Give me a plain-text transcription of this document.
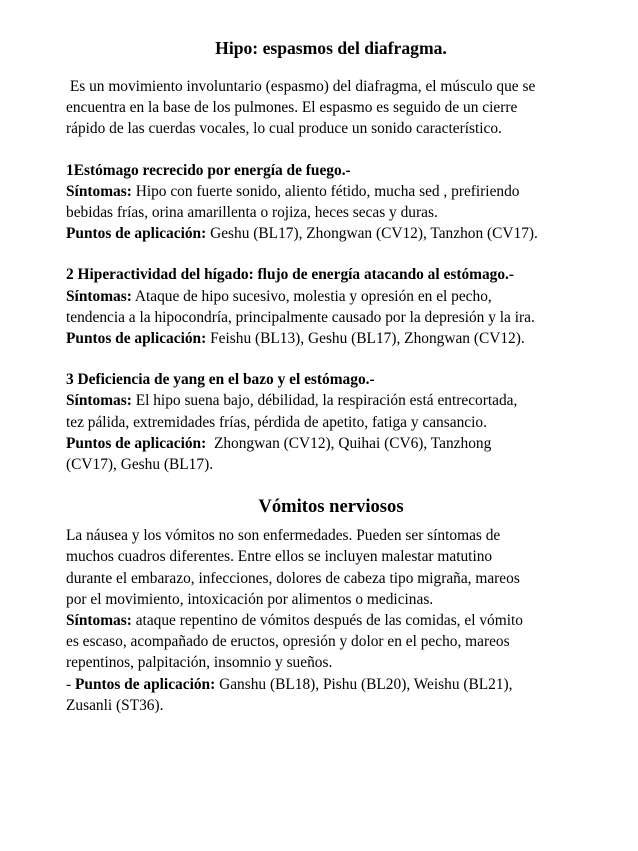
Hipo: espasmos del diafragma.

Es un movimiento involuntario (espasmo) del diafragma, el músculo que se
encuentra en la base de los pulmones. El espasmo es seguido de un cierre
rápido de las cuerdas vocales, lo cual produce un sonido característico.

1Estómago recrecido por energía de fuego.-
Síntomas: Hipo con fuerte sonido, aliento fétido, mucha sed , prefiriendo
bebidas frías, orina amarillenta o rojiza, heces secas y duras.
Puntos de aplicación: Geshu (BL17), Zhongwan (CV12), Tanzhon (CV17).
2 Hiperactividad del hígado: flujo de energía atacando al estómago.-
Síntomas: Ataque de hipo sucesivo, molestia y opresión en el pecho,
tendencia a la hipocondría, principalmente causado por la depresión y la ira.
Puntos de aplicación: Feishu (BL13), Geshu (BL17), Zhongwan (CV12).
3 Deficiencia de yang en el bazo y el estómago.-
Síntomas: El hipo suena bajo, débilidad, la respiración está entrecortada,
tez pálida, extremidades frías, pérdida de apetito, fatiga y cansancio.
Puntos de aplicación:  Zhongwan (CV12), Quihai (CV6), Tanzhong
(CV17), Geshu (BL17).
Vómitos nerviosos
La náusea y los vómitos no son enfermedades. Pueden ser síntomas de
muchos cuadros diferentes. Entre ellos se incluyen malestar matutino
durante el embarazo, infecciones, dolores de cabeza tipo migraña, mareos
por el movimiento, intoxicación por alimentos o medicinas.
Síntomas: ataque repentino de vómitos después de las comidas, el vómito
es escaso, acompañado de eructos, opresión y dolor en el pecho, mareos
repentinos, palpitación, insomnio y sueños.
- Puntos de aplicación: Ganshu (BL18), Pishu (BL20), Weishu (BL21),
Zusanli (ST36).
